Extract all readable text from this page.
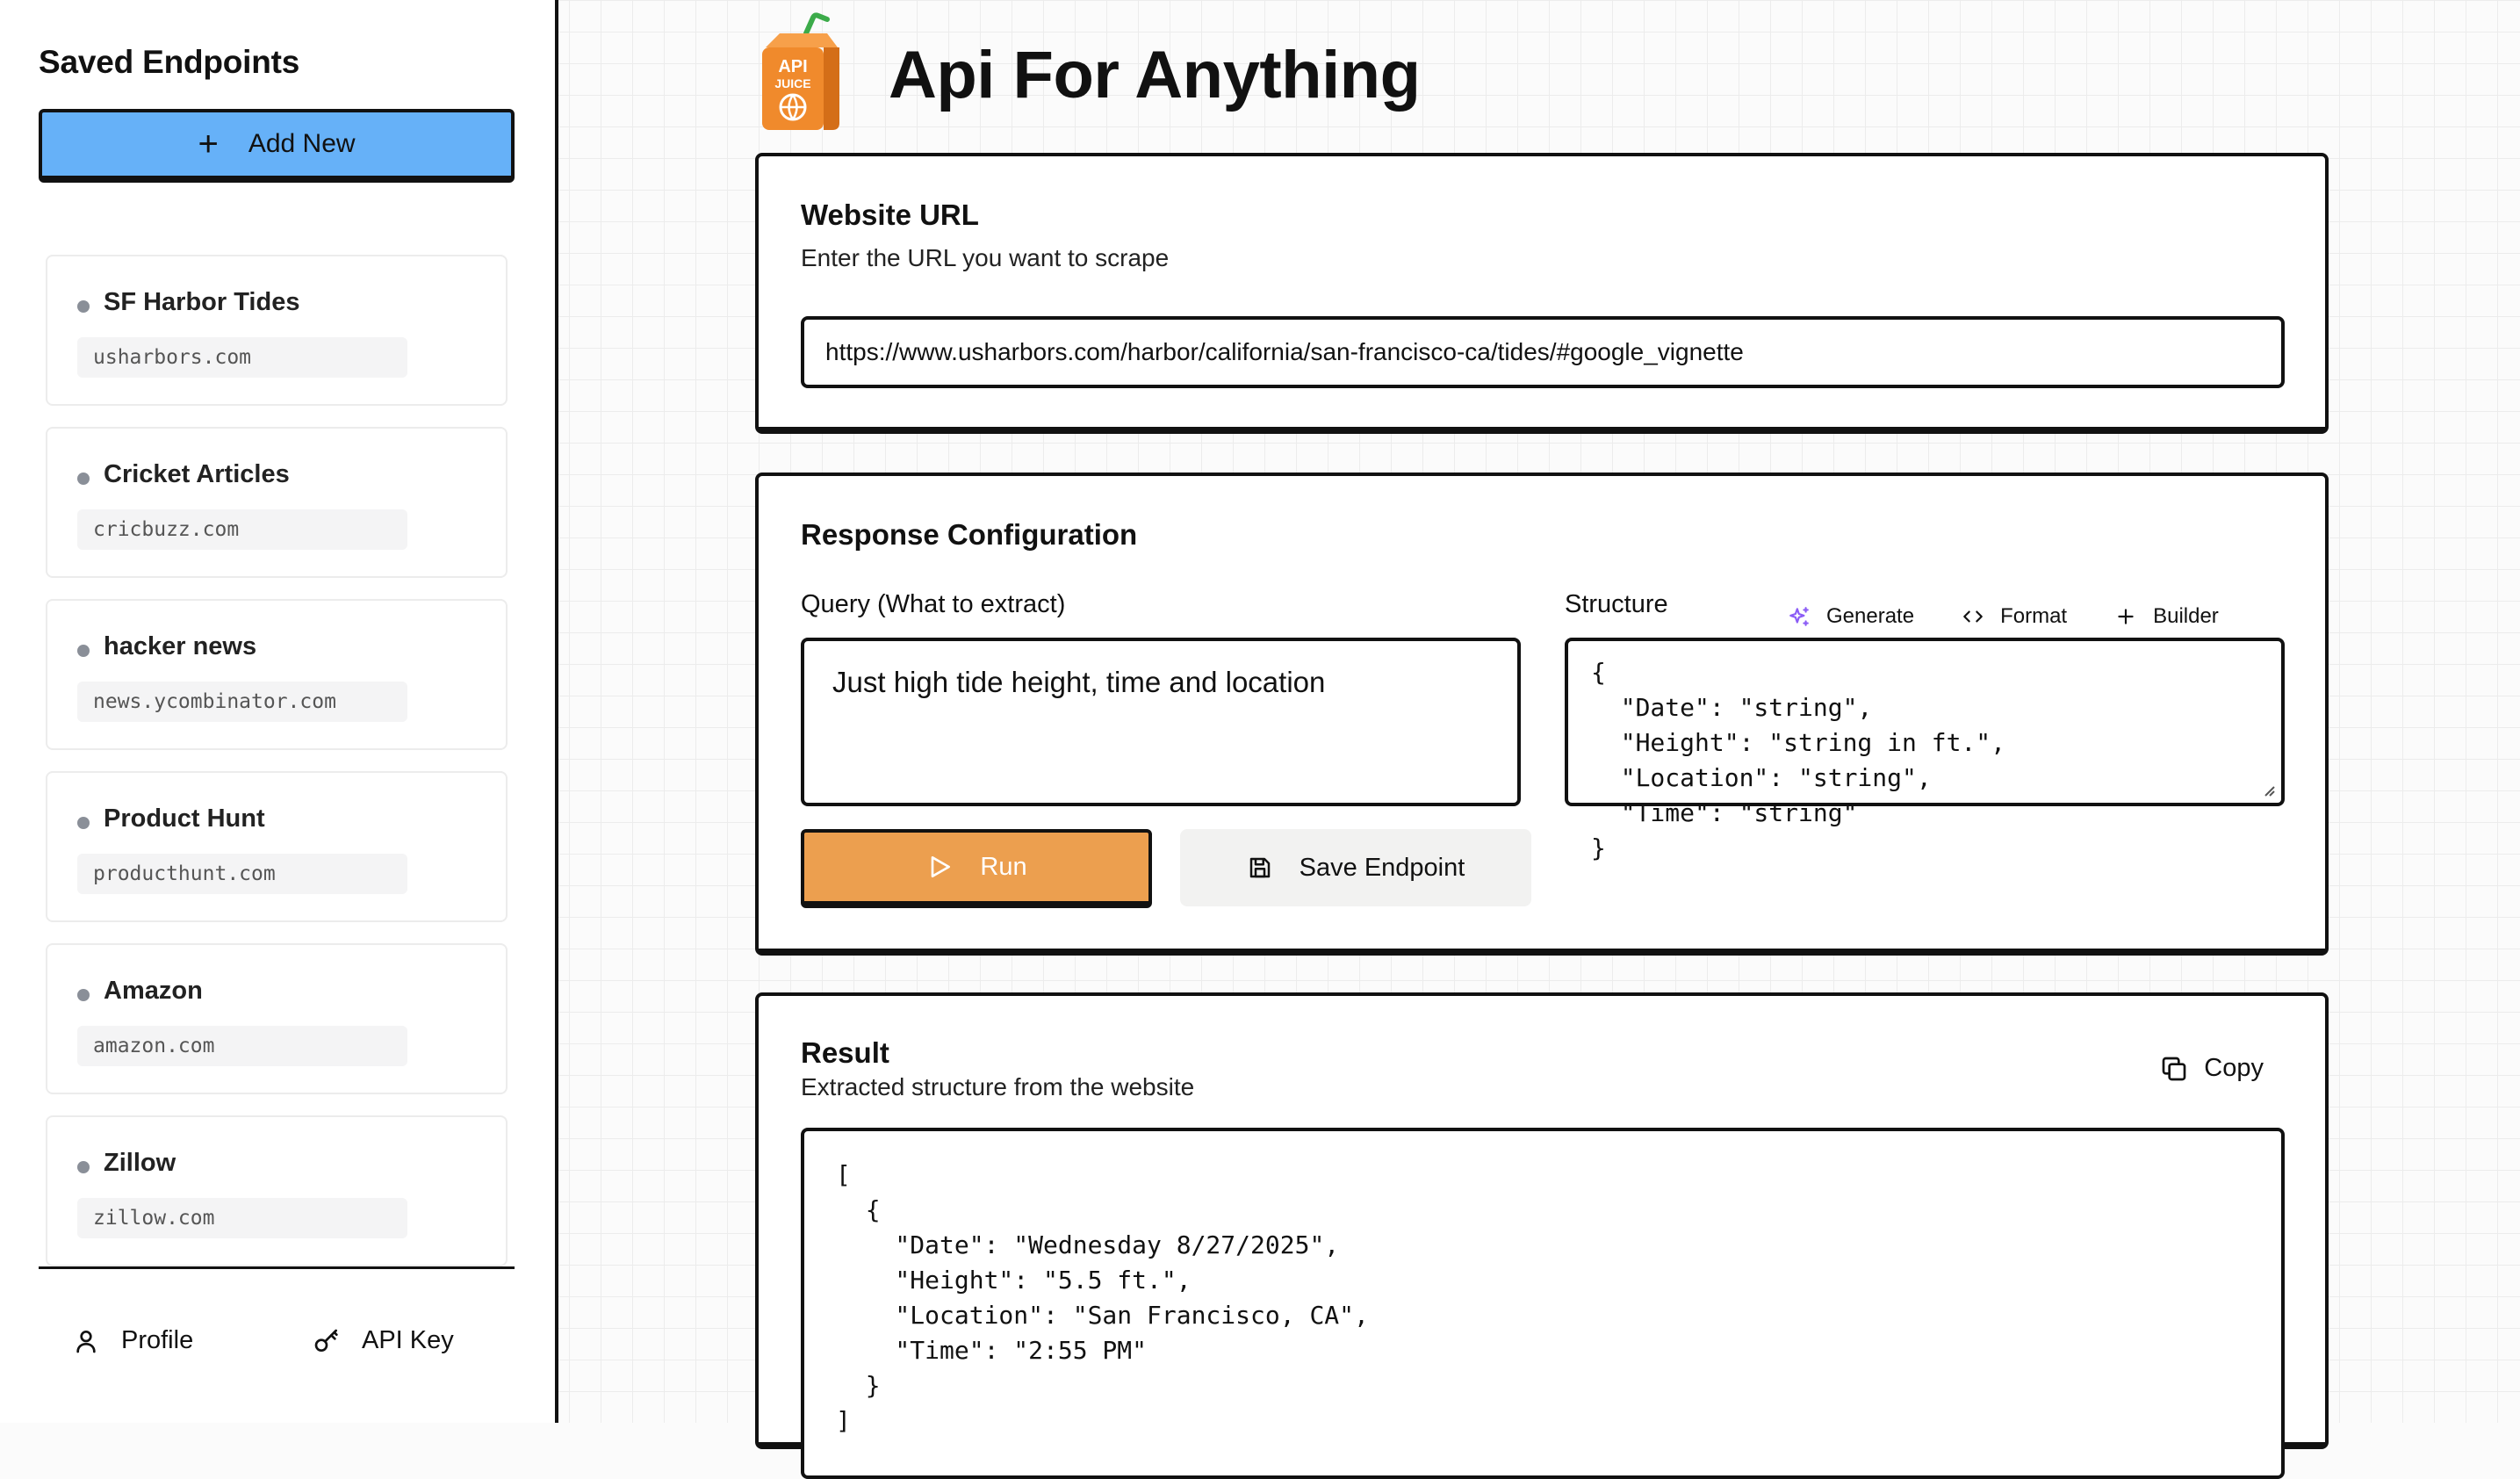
Saved Endpoints
+ Add New
SF Harbor Tides
usharbors.com
Cricket Articles
cricbuzz.com
hacker news
news.ycombinator.com
Product Hunt
producthunt.com
Amazon
amazon.com
Zillow
zillow.com
Profile	API Key
API
JUICE Api For Anything
Website URL
Enter the URL you want to scrape
https://www.usharbors.com/harbor/california/san-francisco-ca/tides/#google_vignette
Response Configuration
Query (What to extract)
Just high tide height, time and location
Structure	Generate	Format	Builder
{
"Date": "string",
"Height": "string in ft.",
"Location": "string",
"Time": "string"
}
Run	Save Endpoint
Result
Extracted structure from the website
Copy
[
{
"Date": "Wednesday 8/27/2025",
"Height": "5.5 ft.",
"Location": "San Francisco, CA",
"Time": "2:55 PM"
}
]
